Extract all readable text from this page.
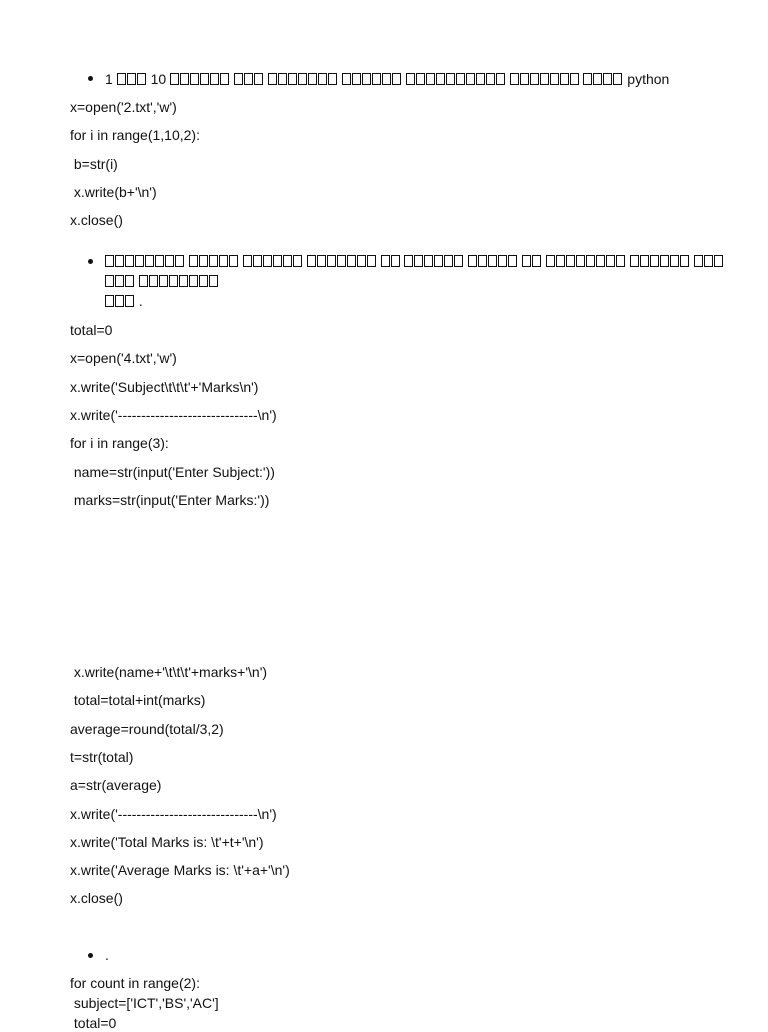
1	10	python
x=open('2.txt','w')
for i in range(1,10,2):
b=str(i)
x.write(b+'\n')
x.close()

.
total=0
x=open('4.txt','w')
x.write('Subject\t\t\t'+'Marks\n')
x.write('------------------------------\n')
for i in range(3):
name=str(input('Enter Subject:'))
marks=str(input('Enter Marks:'))
x.write(name+'\t\t\t'+marks+'\n')
total=total+int(marks)
average=round(total/3,2)
t=str(total)
a=str(average)
x.write('------------------------------\n')
x.write('Total Marks is: \t'+t+'\n')
x.write('Average Marks is: \t'+a+'\n')
x.close()
.
for count in range(2):
subject=['ICT','BS','AC']
total=0
